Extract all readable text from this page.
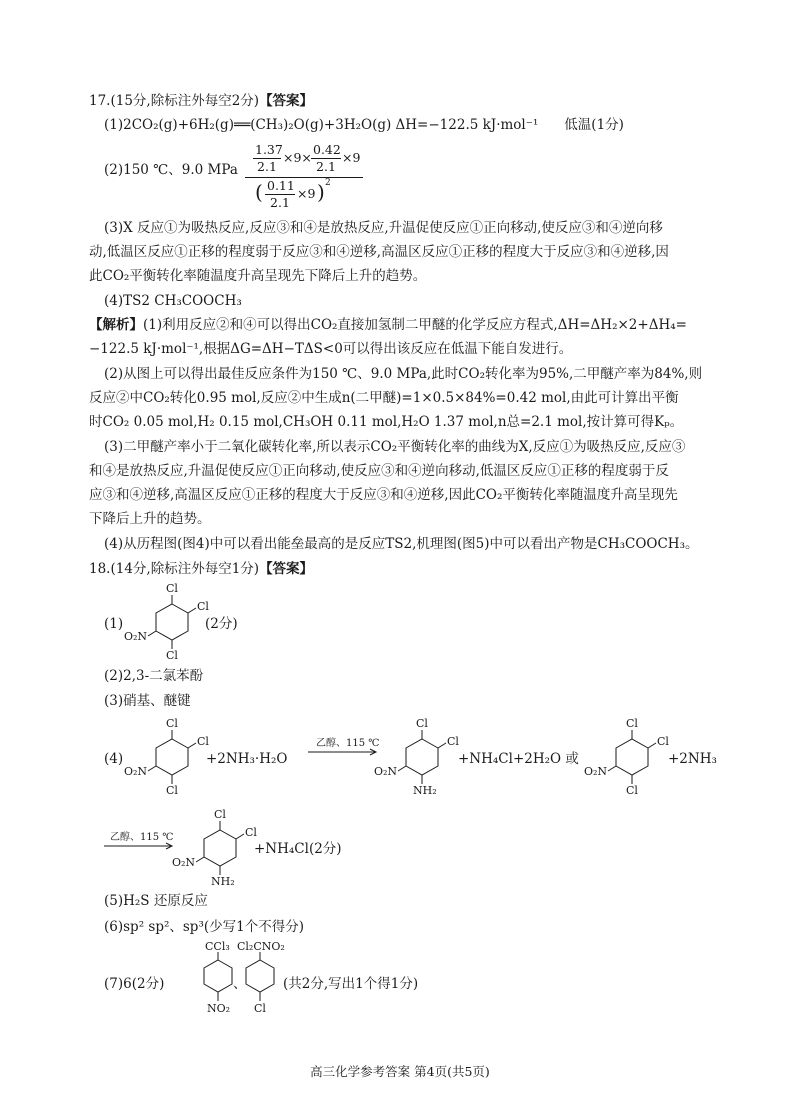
17.(15分,除标注外每空2分)【答案】
(1)2CO₂(g)+6H₂(g)══(CH₃)₂O(g)+3H₂O(g) ΔH=−122.5 kJ·mol⁻¹ 低温(1分)
(2)150 ℃、9.0 MPa
1.37
2.1
×9×
0.42
2.1
×9
( 0.11
2.1
×9 ) 2
(3)X 反应①为吸热反应,反应③和④是放热反应,升温促使反应①正向移动,使反应③和④逆向移
动,低温区反应①正移的程度弱于反应③和④逆移,高温区反应①正移的程度大于反应③和④逆移,因
此CO₂平衡转化率随温度升高呈现先下降后上升的趋势。
(4)TS2 CH₃COOCH₃
【解析】(1)利用反应②和④可以得出CO₂直接加氢制二甲醚的化学反应方程式,ΔH=ΔH₂×2+ΔH₄=
−122.5 kJ·mol⁻¹,根据ΔG=ΔH−TΔS<0可以得出该反应在低温下能自发进行。
(2)从图上可以得出最佳反应条件为150 ℃、9.0 MPa,此时CO₂转化率为95%,二甲醚产率为84%,则
反应②中CO₂转化0.95 mol,反应②中生成n(二甲醚)=1×0.5×84%=0.42 mol,由此可计算出平衡
时CO₂ 0.05 mol,H₂ 0.15 mol,CH₃OH 0.11 mol,H₂O 1.37 mol,n总=2.1 mol,按计算可得Kₚ。
(3)二甲醚产率小于二氧化碳转化率,所以表示CO₂平衡转化率的曲线为X,反应①为吸热反应,反应③
和④是放热反应,升温促使反应①正向移动,使反应③和④逆向移动,低温区反应①正移的程度弱于反
应③和④逆移,高温区反应①正移的程度大于反应③和④逆移,因此CO₂平衡转化率随温度升高呈现先
下降后上升的趋势。
(4)从历程图(图4)中可以看出能垒最高的是反应TS2,机理图(图5)中可以看出产物是CH₃COOCH₃。
18.(14分,除标注外每空1分)【答案】
(1)
Cl
Cl
O₂N
Cl
(2分)
(2)2,3-二氯苯酚
(3)硝基、醚键
(4)
Cl
Cl
O₂N
Cl
+2NH₃·H₂O
乙醇、115 ℃
Cl
Cl
O₂N
NH₂
+NH₄Cl+2H₂O 或
Cl
Cl
O₂N
Cl
+2NH₃
乙醇、115 ℃
Cl
Cl
O₂N
NH₂
+NH₄Cl(2分)
(5)H₂S 还原反应
(6)sp² sp²、sp³(少写1个不得分)
(7)6(2分)
CCl₃
NO₂
、
Cl₂CNO₂
Cl
(共2分,写出1个得1分)
高三化学参考答案 第4页(共5页)
